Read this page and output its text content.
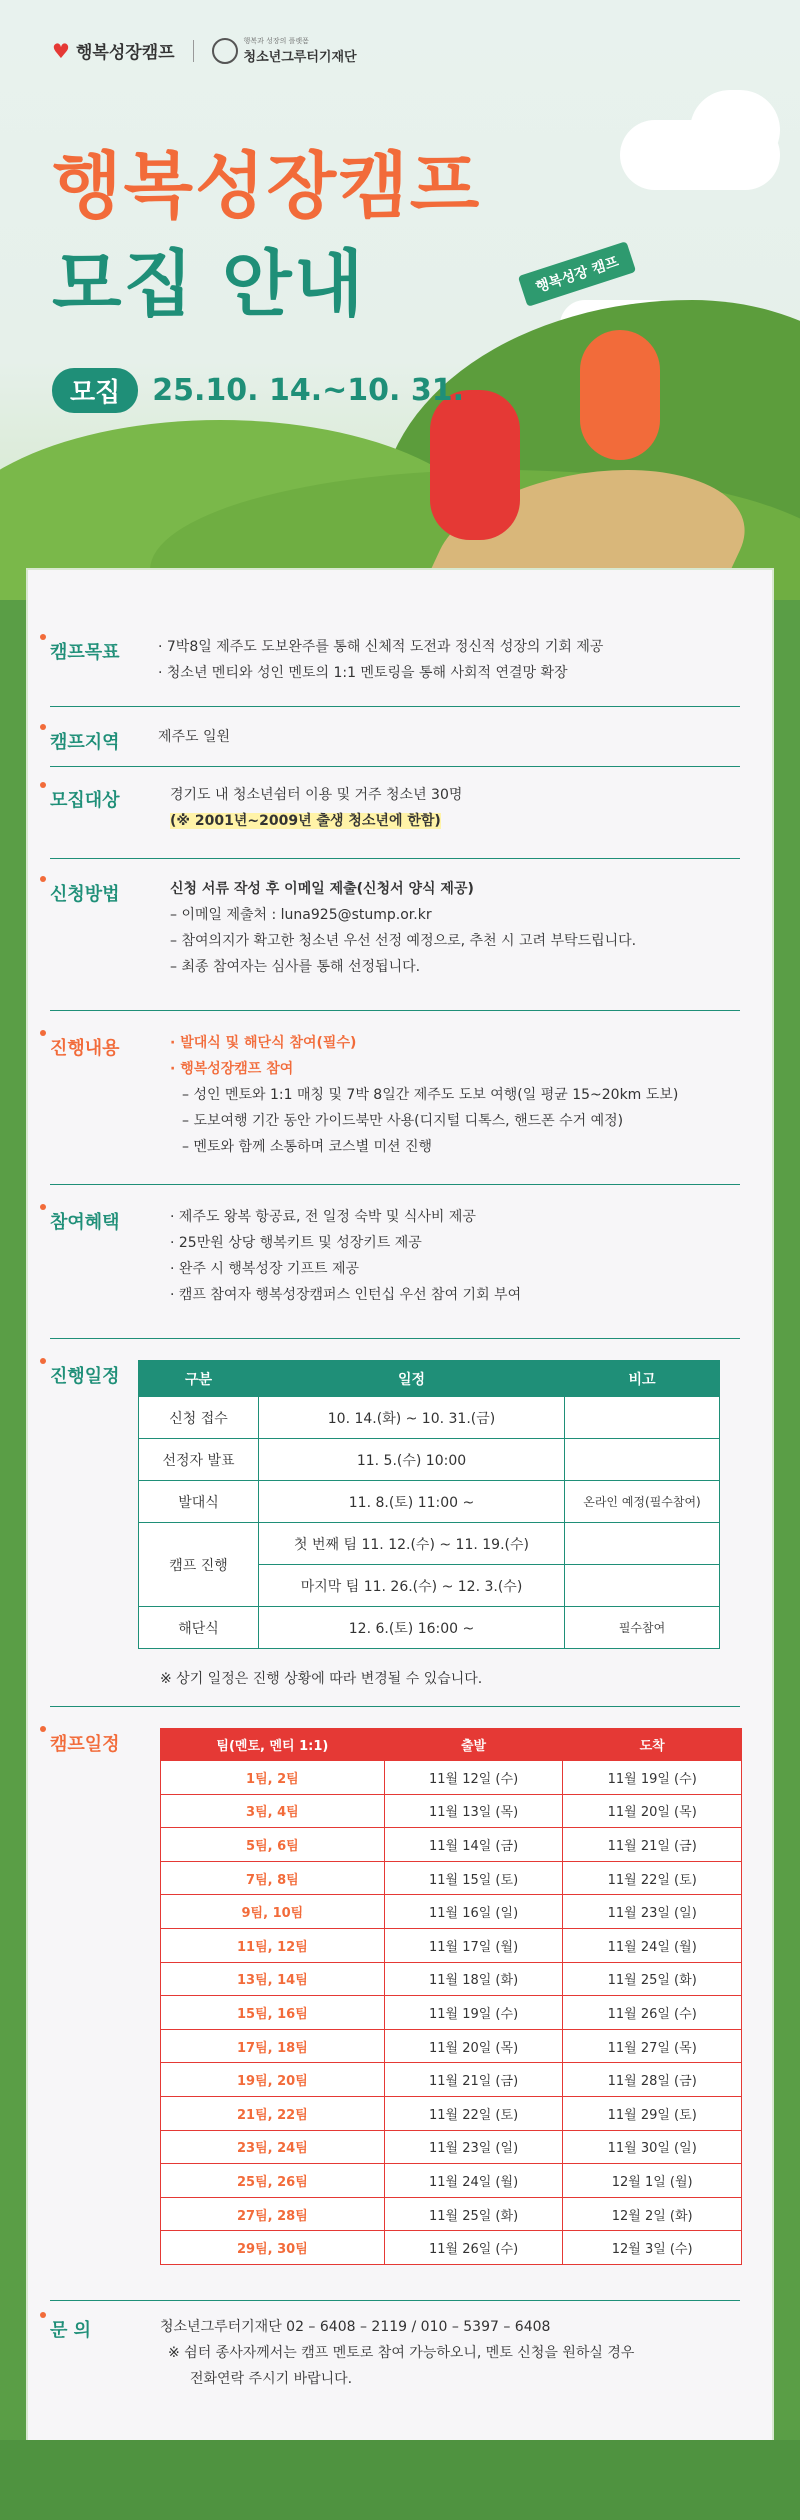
행복성장 캠프
♥ 행복성장캠프
행복과 성장의 플랫폼
청소년그루터기재단
행복성장캠프
모집 안내
모집	25.10. 14.~10. 31.
캠프목표	· 7박8일 제주도 도보완주를 통해 신체적 도전과 정신적 성장의 기회 제공
· 청소년 멘티와 성인 멘토의 1:1 멘토링을 통해 사회적 연결망 확장
캠프지역	제주도 일원
모집대상	경기도 내 청소년쉼터 이용 및 거주 청소년 30명
(※ 2001년~2009년 출생 청소년에 한함)
신청방법	신청 서류 작성 후 이메일 제출(신청서 양식 제공)
– 이메일 제출처 : luna925@stump.or.kr
– 참여의지가 확고한 청소년 우선 선정 예정으로, 추천 시 고려 부탁드립니다.
– 최종 참여자는 심사를 통해 선정됩니다.
진행내용	· 발대식 및 해단식 참여(필수)
· 행복성장캠프 참여
– 성인 멘토와 1:1 매칭 및 7박 8일간 제주도 도보 여행(일 평균 15~20km 도보)
– 도보여행 기간 동안 가이드북만 사용(디지털 디톡스, 핸드폰 수거 예정)
– 멘토와 함께 소통하며 코스별 미션 진행
참여혜택	· 제주도 왕복 항공료, 전 일정 숙박 및 식사비 제공
· 25만원 상당 행복키트 및 성장키트 제공
· 완주 시 행복성장 기프트 제공
· 캠프 참여자 행복성장캠퍼스 인턴십 우선 참여 기회 부여
진행일정	구분	일정	비고
신청 접수	10. 14.(화) ~ 10. 31.(금)	
선정자 발표	11. 5.(수) 10:00	
발대식	11. 8.(토) 11:00 ~	온라인 예정(필수참여)
캠프 진행	첫 번째 팀 11. 12.(수) ~ 11. 19.(수)	
	마지막 팀 11. 26.(수) ~ 12. 3.(수)	
해단식	12. 6.(토) 16:00 ~	필수참여
※ 상기 일정은 진행 상황에 따라 변경될 수 있습니다.
캠프일정	팀(멘토, 멘티 1:1)	출발	도착
1팀, 2팀	11월 12일 (수)	11월 19일 (수)
3팀, 4팀	11월 13일 (목)	11월 20일 (목)
5팀, 6팀	11월 14일 (금)	11월 21일 (금)
7팀, 8팀	11월 15일 (토)	11월 22일 (토)
9팀, 10팀	11월 16일 (일)	11월 23일 (일)
11팀, 12팀	11월 17일 (월)	11월 24일 (월)
13팀, 14팀	11월 18일 (화)	11월 25일 (화)
15팀, 16팀	11월 19일 (수)	11월 26일 (수)
17팀, 18팀	11월 20일 (목)	11월 27일 (목)
19팀, 20팀	11월 21일 (금)	11월 28일 (금)
21팀, 22팀	11월 22일 (토)	11월 29일 (토)
23팀, 24팀	11월 23일 (일)	11월 30일 (일)
25팀, 26팀	11월 24일 (월)	12월 1일 (월)
27팀, 28팀	11월 25일 (화)	12월 2일 (화)
29팀, 30팀	11월 26일 (수)	12월 3일 (수)
문 의	청소년그루터기재단 02 – 6408 – 2119 / 010 – 5397 – 6408
※ 쉼터 종사자께서는 캠프 멘토로 참여 가능하오니, 멘토 신청을 원하실 경우
전화연락 주시기 바랍니다.
